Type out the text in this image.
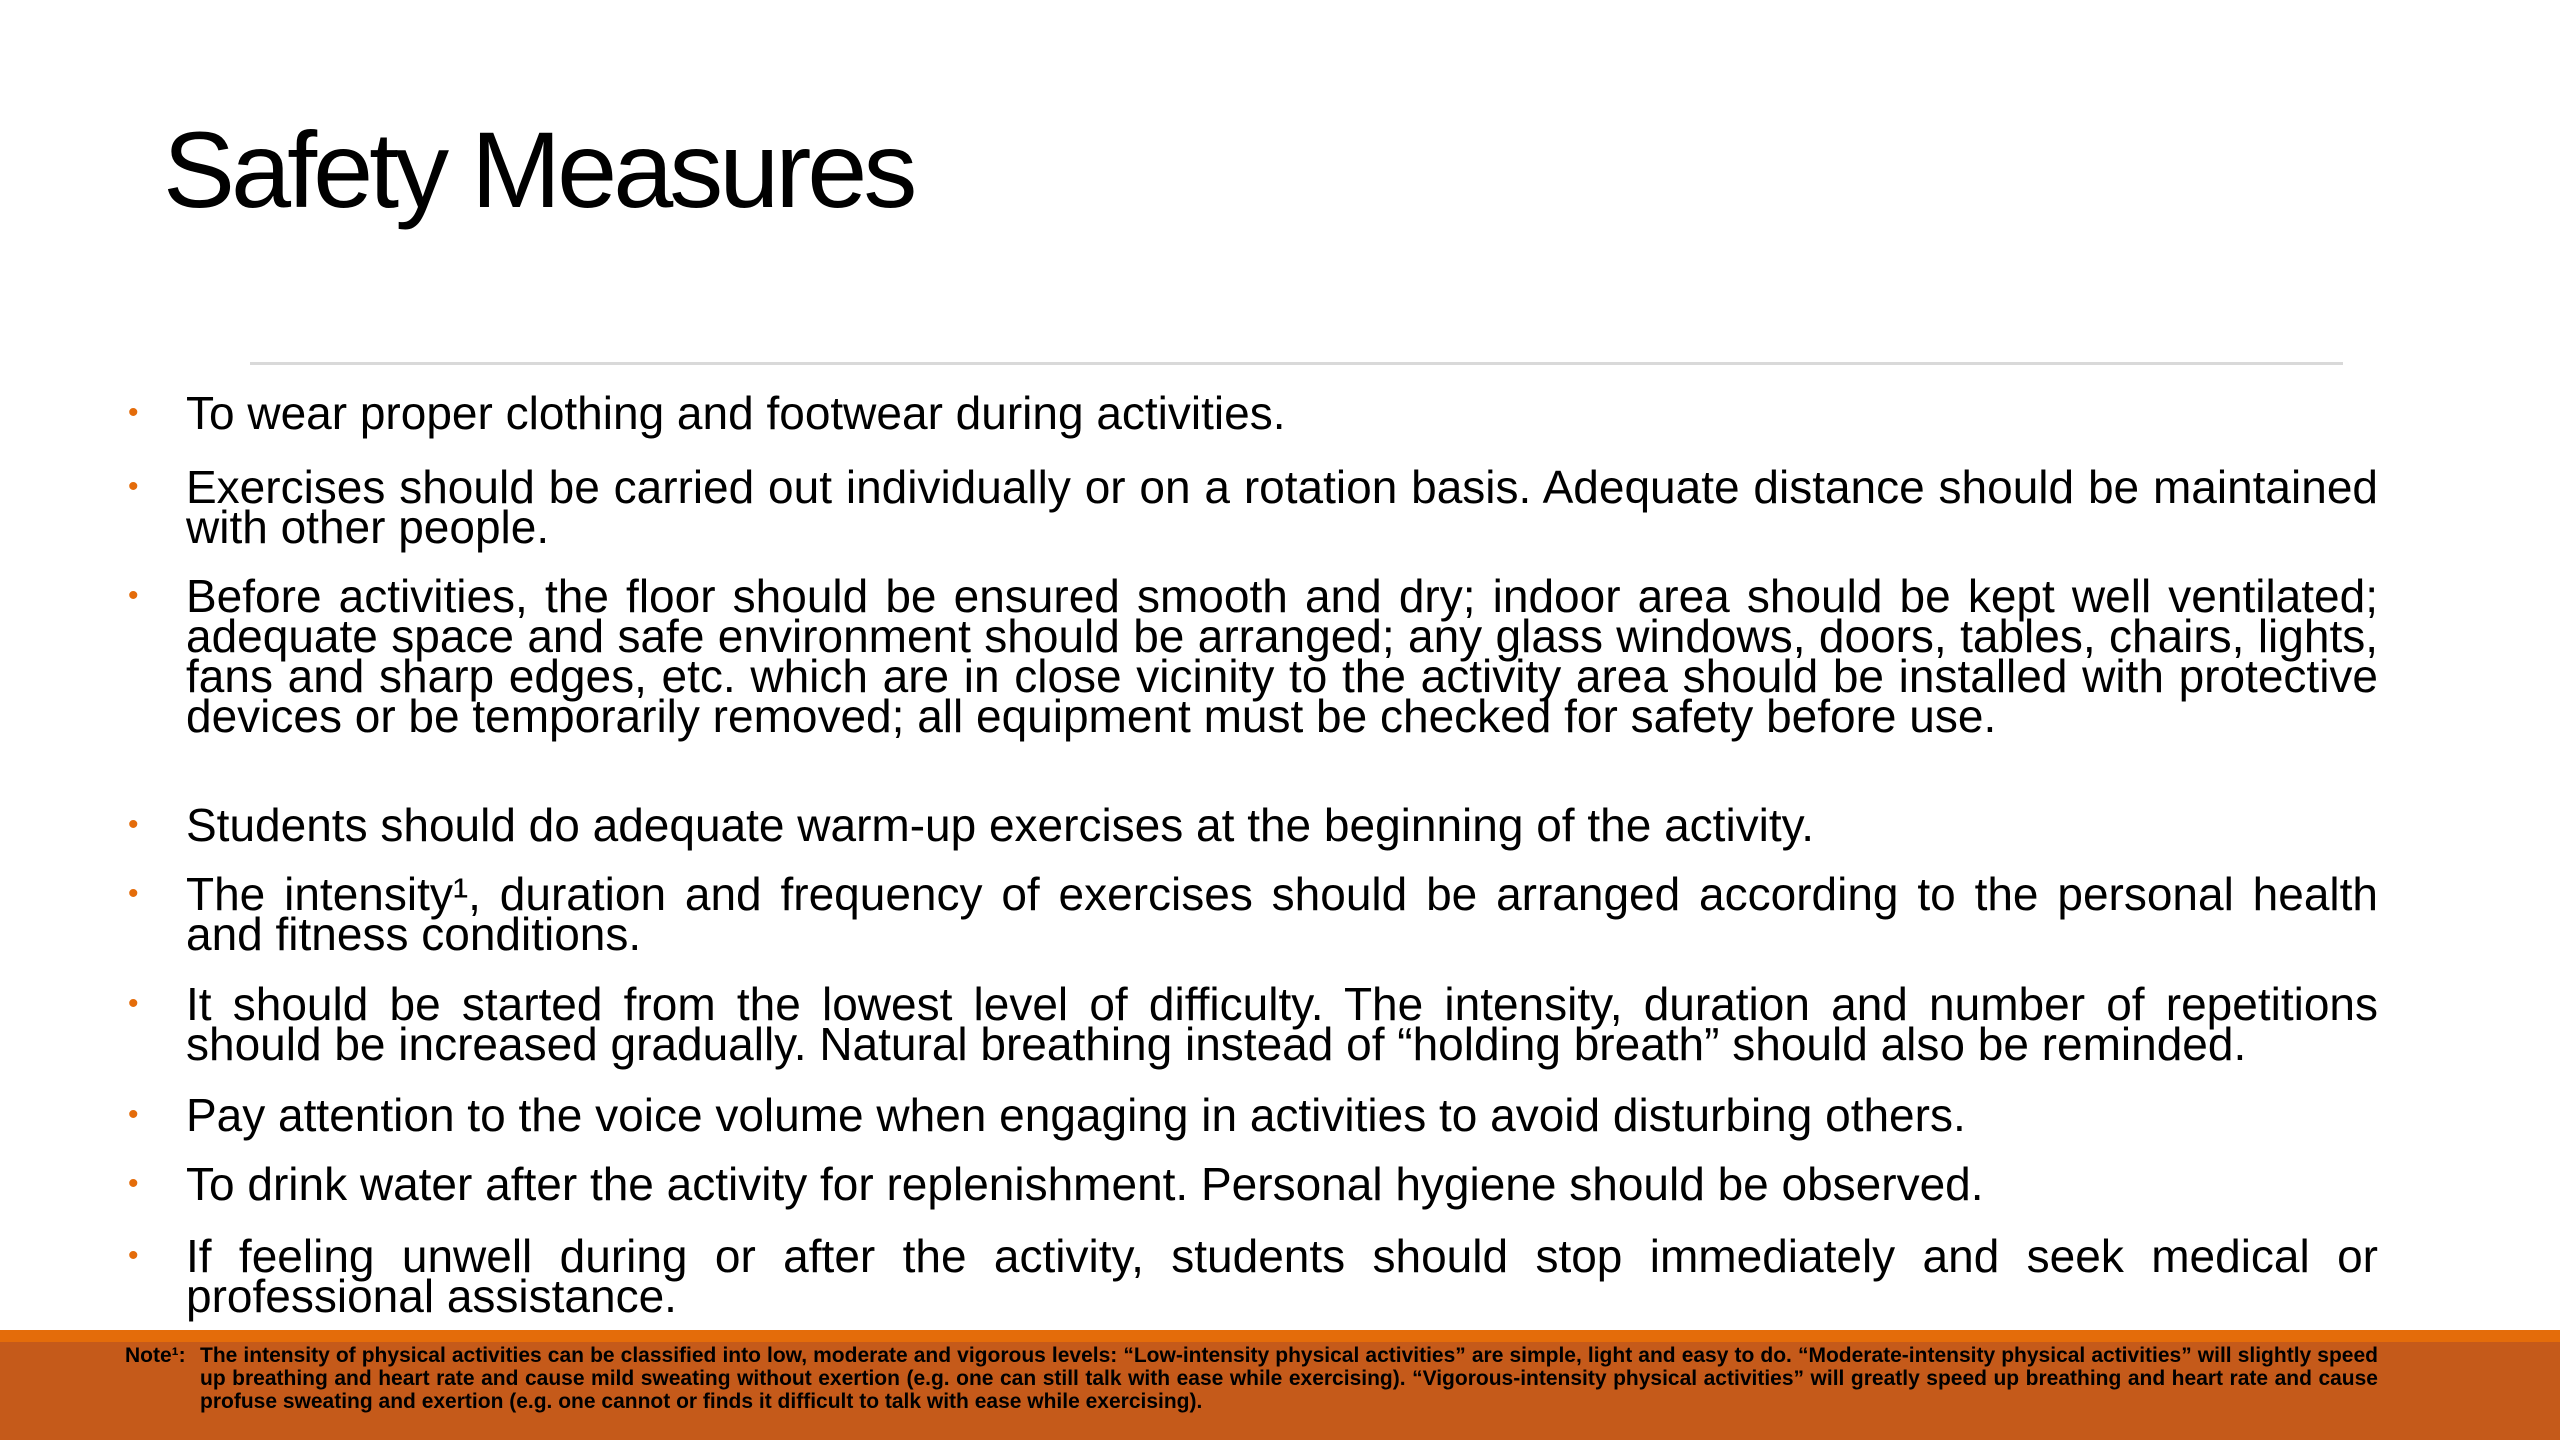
Safety Measures
•	To wear proper clothing and footwear during activities.
•	Exercises should be carried out individually or on a rotation basis. Adequate distance should be maintained with other people.
•	Before activities, the floor should be ensured smooth and dry; indoor area should be kept well ventilated; adequate space and safe environment should be arranged; any glass windows, doors, tables, chairs, lights, fans and sharp edges, etc. which are in close vicinity to the activity area should be installed with protective devices or be temporarily removed; all equipment must be checked for safety before use.
•	Students should do adequate warm-up exercises at the beginning of the activity.
•	The intensity¹, duration and frequency of exercises should be arranged according to the personal health and fitness conditions.
•	It should be started from the lowest level of difficulty. The intensity, duration and number of repetitions should be increased gradually. Natural breathing instead of “holding breath” should also be reminded.
•	Pay attention to the voice volume when engaging in activities to avoid disturbing others.
•	To drink water after the activity for replenishment. Personal hygiene should be observed.
•	If feeling unwell during or after the activity, students should stop immediately and seek medical or professional assistance.
Note¹: The intensity of physical activities can be classified into low, moderate and vigorous levels: “Low-intensity physical activities” are simple, light and easy to do. “Moderate-intensity physical activities” will slightly speed up breathing and heart rate and cause mild sweating without exertion (e.g. one can still talk with ease while exercising). “Vigorous-intensity physical activities” will greatly speed up breathing and heart rate and cause profuse sweating and exertion (e.g. one cannot or finds it difficult to talk with ease while exercising).
